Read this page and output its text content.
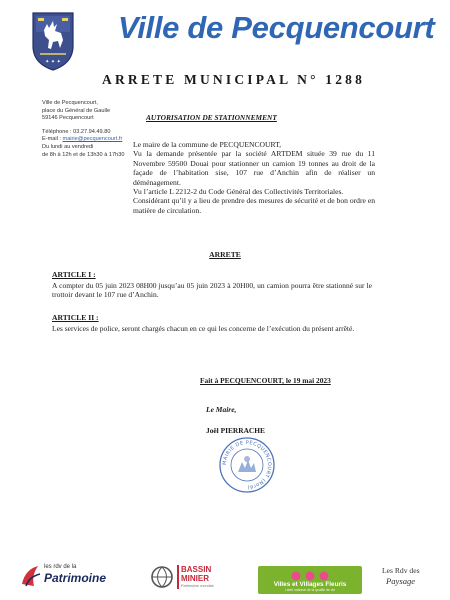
✦ ✦ ✦
Ville de Pecquencourt
ARRETE MUNICIPAL N° 1288
Ville de Pecquencourt,
place du Général de Gaulle
59146 Pecquencourt
Téléphone : 03.27.94.49.80
E-mail : mairie@pecquencourt.fr
Du lundi au vendredi
de 8h à 12h et de 13h30 à 17h30
AUTORISATION DE STATIONNEMENT

Le maire de la commune de PECQUENCOURT,

Vu la demande présentée par la société ARTDEM située 39 rue du 11 Novembre 59500 Douai pour stationner un camion 19 tonnes au droit de la façade de l’habitation sise, 107 rue d’Anchin afin de réaliser un déménagement.

Vu l’article L 2212-2 du Code Général des Collectivités Territoriales.

Considérant qu’il y a lieu de prendre des mesures de sécurité et de bon ordre en matière de circulation.

ARRETE
ARTICLE I :
A compter du 05 juin 2023 08H00 jusqu’au 05 juin 2023 à 20H00, un camion pourra être stationné sur le trottoir devant le 107 rue d’Anchin.
ARTICLE II :
Les services de police, seront chargés chacun en ce qui les concerne de l’exécution du présent arrêté.
Fait à PECQUENCOURT, le 19 mai 2023
Le Maire,
Joël PIERRACHE
MAIRIE DE PECQUENCOURT (Nord)
les rdv de la
Patrimoine
BASSIN MINIER
Patrimoine mondial	Villes et Villages Fleuris
Label national de la qualité de vie
Les Rdv des
Paysage
